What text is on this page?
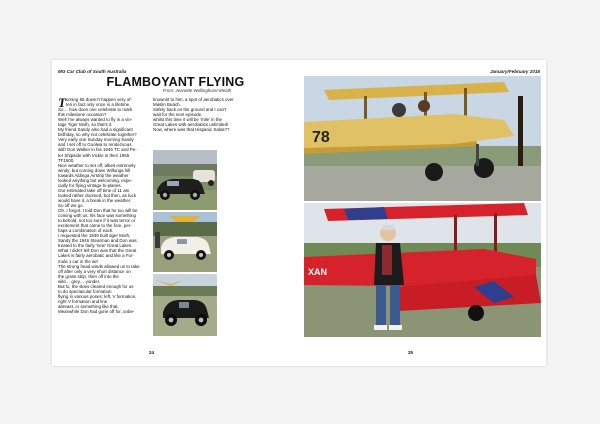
MG Car Club of South Australia
FLAMBOYANT FLYING
From: Jeanette Wallinghurst-Meath
T urning 65 doesn't happen very of-
ten in fact only once in a lifetime.
So… how does one celebrate to mark
this milestone occasion?
Well I've always wanted to fly in a vin-
tage Tiger Moth, so that's it.
My friend Sandy also had a significant
birthday, so why not celebrate together?
Very early one Sunday morning Sandy
and I set off to Goolwa to rendezvous
with Don Walker in his 1946 TC and Pe-
ter Shipside with Vickie in their 1955
TF1500.
Nice weather to set off, albeit extremely
windy; but coming down Willunga hill
towards Aldinga Airstrip the weather
looked anything but welcoming, espe-
cially for flying vintage bi-planes.
Our estimated take off time of 11 am
looked rather doomed, but then, as luck
would have it, a break in the weather.
So off we go.
Oh, I forgot, I told Don that he too will be
coming with us; his face was something
to behold, not too sure if it was terror or
excitement that came to the fore, per-
haps a combination of each.
I requested the 1939 built tiger Moth,
Sandy the 1946 Stearman and Don was
treated to the fairly 'new' Great Lakes.
What I didn't tell Don was that the Great
Lakes is fairly aerobatic and like a For-
mula 1 car in the air!
The strong head winds allowed us to take
off after only a very short distance on
the grass strip, then off into the
wild… grey… yonder.
But lo, the skies cleared enough for us
to do spectacular formation
flying in various poses; left, V formation,
right V formation and line
abreast, or something like that.
Meanwhile Don had gone off for, unbe-
knownst to him, a spot of aerobatics over
Maslin Beach.
Safely back on the ground and I can't
wait for the next episode,
whilst this time it will be 'mile' in the
Great Lakes with aerobatics unlimited!
Now, where was that Hispanic Salsa??
24
January/February 2018
78
XAN
25
